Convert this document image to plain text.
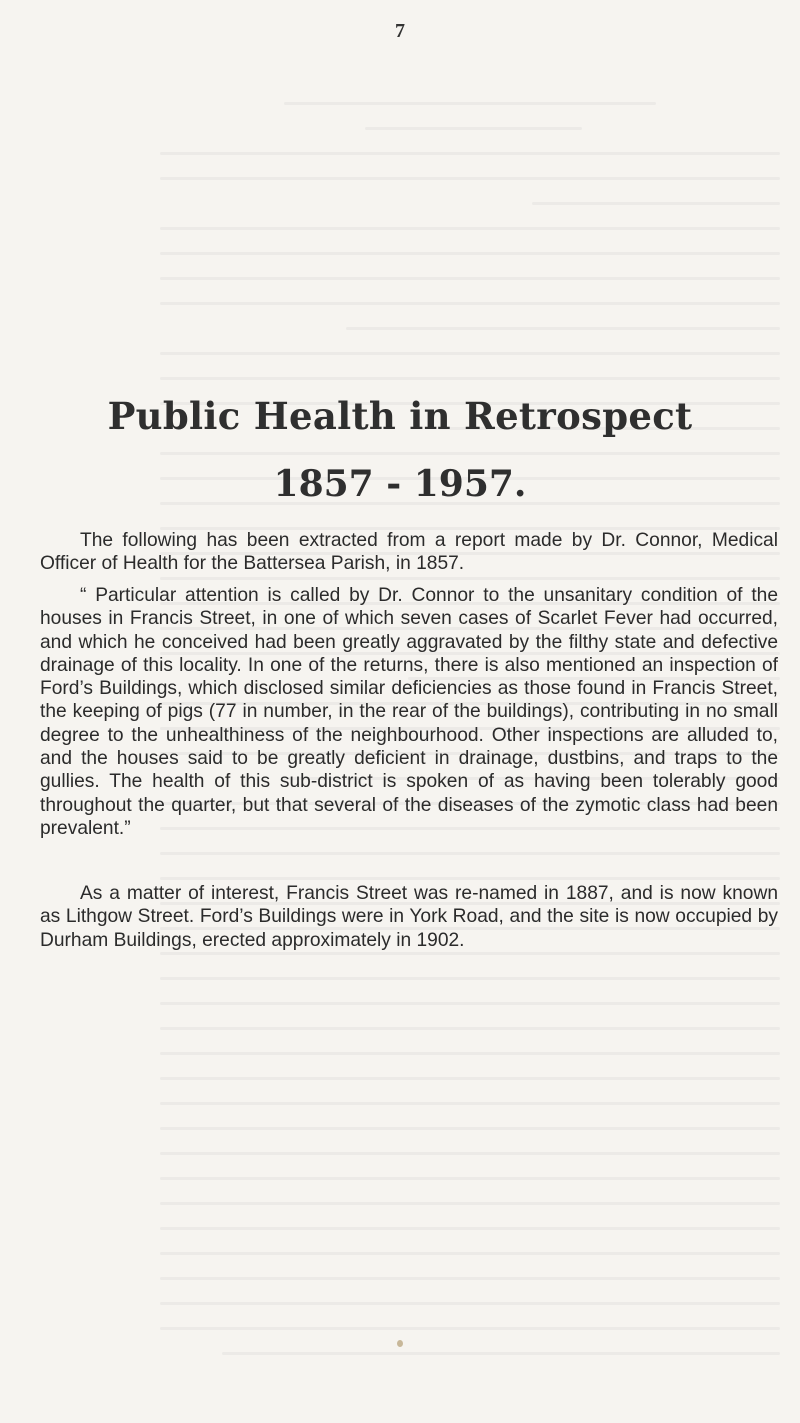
7
Public Health in Retrospect
1857 - 1957.

The following has been extracted from a report made by Dr. Connor, Medical Officer of Health for the Battersea Parish, in 1857.

“ Particular attention is called by Dr. Connor to the unsanitary condition of the houses in Francis Street, in one of which seven cases of Scarlet Fever had occurred, and which he conceived had been greatly aggravated by the filthy state and defective drainage of this locality. In one of the returns, there is also mentioned an inspection of Ford’s Buildings, which disclosed similar deficiencies as those found in Francis Street, the keeping of pigs (77 in number, in the rear of the buildings), contributing in no small degree to the unhealthiness of the neighbourhood. Other inspections are alluded to, and the houses said to be greatly deficient in drainage, dustbins, and traps to the gullies. The health of this sub-district is spoken of as having been tolerably good throughout the quarter, but that several of the diseases of the zymotic class had been prevalent.”

As a matter of interest, Francis Street was re-named in 1887, and is now known as Lithgow Street. Ford’s Buildings were in York Road, and the site is now occupied by Durham Buildings, erected approximately in 1902.
